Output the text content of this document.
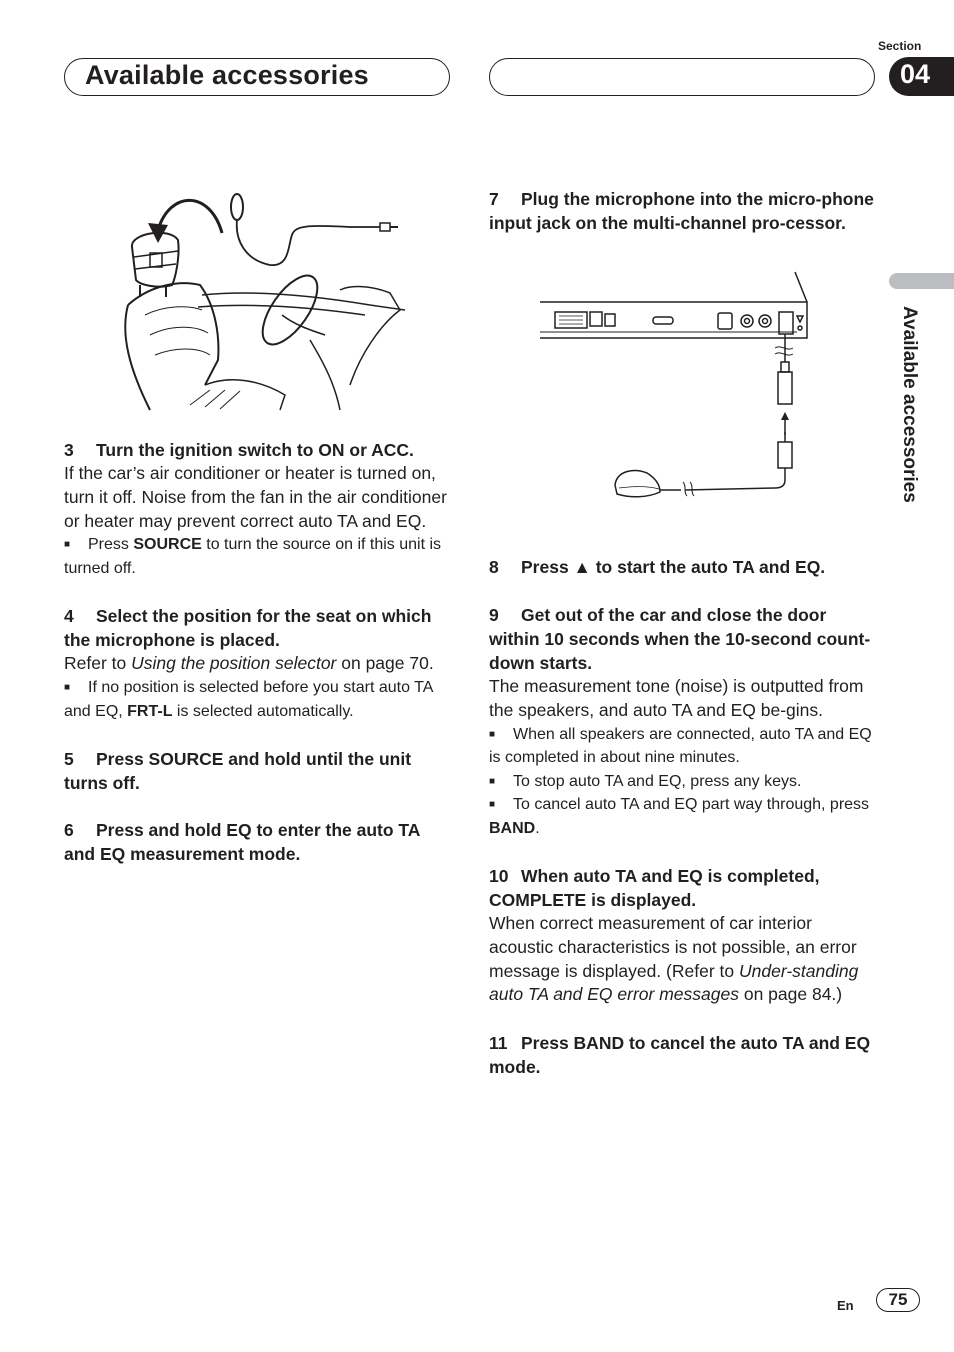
Available accessories
Section
04
Available accessories

3 Turn the ignition switch to ON or ACC.

If the car’s air conditioner or heater is turned on, turn it off. Noise from the fan in the air conditioner or heater may prevent correct auto TA and EQ.

■ Press SOURCE to turn the source on if this unit is turned off.

4 Select the position for the seat on which the microphone is placed.

Refer to Using the position selector on page 70.

■ If no position is selected before you start auto TA and EQ, FRT-L is selected automatically.

5 Press SOURCE and hold until the unit turns off.

6 Press and hold EQ to enter the auto TA and EQ measurement mode.

7 Plug the microphone into the micro-phone input jack on the multi-channel pro-cessor.

8 Press ▲ to start the auto TA and EQ.

9 Get out of the car and close the door within 10 seconds when the 10-second count-down starts.

The measurement tone (noise) is outputted from the speakers, and auto TA and EQ be-gins.

■ When all speakers are connected, auto TA and EQ is completed in about nine minutes.

■ To stop auto TA and EQ, press any keys.

■ To cancel auto TA and EQ part way through, press BAND.

10 When auto TA and EQ is completed, COMPLETE is displayed.

When correct measurement of car interior acoustic characteristics is not possible, an error message is displayed. (Refer to Under-standing auto TA and EQ error messages on page 84.)

11 Press BAND to cancel the auto TA and EQ mode.

En	75
